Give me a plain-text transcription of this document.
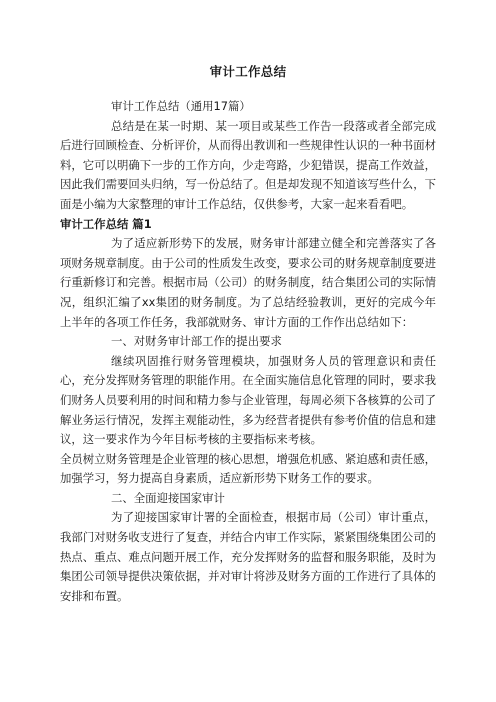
审计工作总结

审计工作总结（通用17篇）

总结是在某一时期、某一项目或某些工作告一段落或者全部完成后进行回顾检查、分析评价，从而得出教训和一些规律性认识的一种书面材料，它可以明确下一步的工作方向，少走弯路，少犯错误，提高工作效益，因此我们需要回头归纳，写一份总结了。但是却发现不知道该写些什么，下面是小编为大家整理的审计工作总结，仅供参考，大家一起来看看吧。

审计工作总结 篇1

为了适应新形势下的发展，财务审计部建立健全和完善落实了各项财务规章制度。由于公司的性质发生改变，要求公司的财务规章制度要进行重新修订和完善。根据市局（公司）的财务制度，结合集团公司的实际情况，组织汇编了xx集团的财务制度。为了总结经验教训，更好的完成今年上半年的各项工作任务，我部就财务、审计方面的工作作出总结如下：

一、对财务审计部工作的提出要求

继续巩固推行财务管理模块，加强财务人员的管理意识和责任心，充分发挥财务管理的职能作用。在全面实施信息化管理的同时，要求我们财务人员要利用的时间和精力参与企业管理，每周必须下各核算的公司了解业务运行情况，发挥主观能动性，多为经营者提供有参考价值的信息和建议，这一要求作为今年目标考核的主要指标来考核。

全员树立财务管理是企业管理的核心思想，增强危机感、紧迫感和责任感，加强学习，努力提高自身素质，适应新形势下财务工作的要求。

二、全面迎接国家审计

为了迎接国家审计署的全面检查，根据市局（公司）审计重点，我部门对财务收支进行了复查，并结合内审工作实际，紧紧围绕集团公司的热点、重点、难点问题开展工作，充分发挥财务的监督和服务职能，及时为集团公司领导提供决策依据，并对审计将涉及财务方面的工作进行了具体的安排和布置。
